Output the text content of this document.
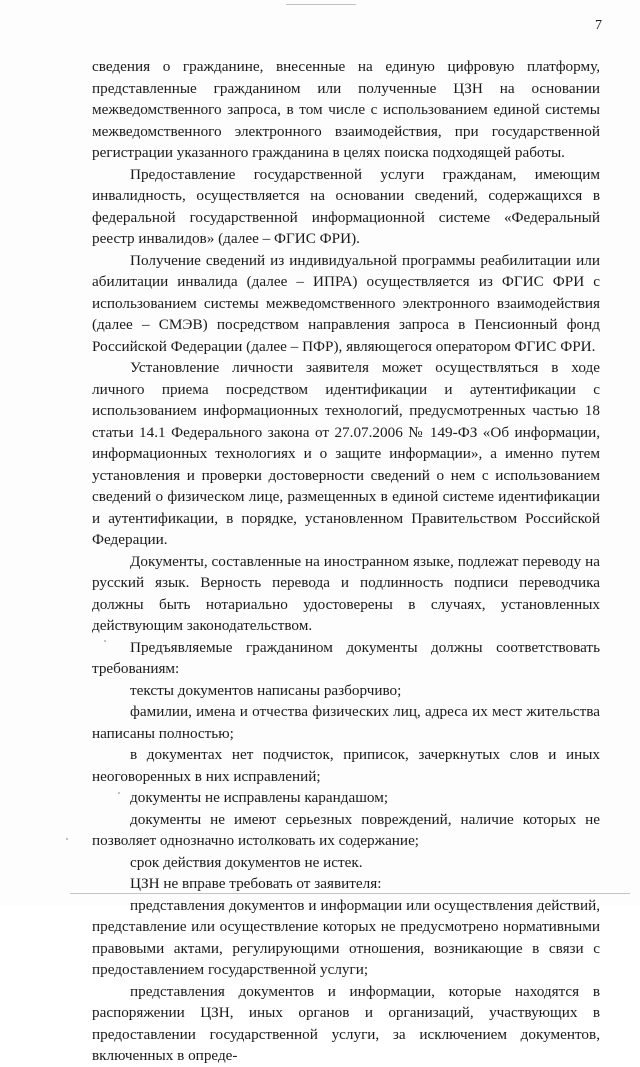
7

сведения о гражданине, внесенные на единую цифровую платформу, представленные гражданином или полученные ЦЗН на основании межведомственного запроса, в том числе с использованием единой системы межведомственного электронного взаимодействия, при государственной регистрации указанного гражданина в целях поиска подходящей работы.

Предоставление государственной услуги гражданам, имеющим инвалидность, осуществляется на основании сведений, содержащихся в федеральной государственной информационной системе «Федеральный реестр инвалидов» (далее – ФГИС ФРИ).

Получение сведений из индивидуальной программы реабилитации или абилитации инвалида (далее – ИПРА) осуществляется из ФГИС ФРИ с использованием системы межведомственного электронного взаимодействия (далее – СМЭВ) посредством направления запроса в Пенсионный фонд Российской Федерации (далее – ПФР), являющегося оператором ФГИС ФРИ.

Установление личности заявителя может осуществляться в ходе личного приема посредством идентификации и аутентификации с использованием информационных технологий, предусмотренных частью 18 статьи 14.1 Федерального закона от 27.07.2006 № 149-ФЗ «Об информации, информационных технологиях и о защите информации», а именно путем установления и проверки достоверности сведений о нем с использованием сведений о физическом лице, размещенных в единой системе идентификации и аутентификации, в порядке, установленном Правительством Российской Федерации.

Документы, составленные на иностранном языке, подлежат переводу на русский язык. Верность перевода и подлинность подписи переводчика должны быть нотариально удостоверены в случаях, установленных действующим законодательством.

Предъявляемые гражданином документы должны соответствовать требованиям:

тексты документов написаны разборчиво;

фамилии, имена и отчества физических лиц, адреса их мест жительства написаны полностью;

в документах нет подчисток, приписок, зачеркнутых слов и иных неоговоренных в них исправлений;

документы не исправлены карандашом;

документы не имеют серьезных повреждений, наличие которых не позволяет однозначно истолковать их содержание;

срок действия документов не истек.

ЦЗН не вправе требовать от заявителя:

представления документов и информации или осуществления действий, представление или осуществление которых не предусмотрено нормативными правовыми актами, регулирующими отношения, возникающие в связи с предоставлением государственной услуги;

представления документов и информации, которые находятся в распоряжении ЦЗН, иных органов и организаций, участвующих в предоставлении государственной услуги, за исключением документов, включенных в опреде-
